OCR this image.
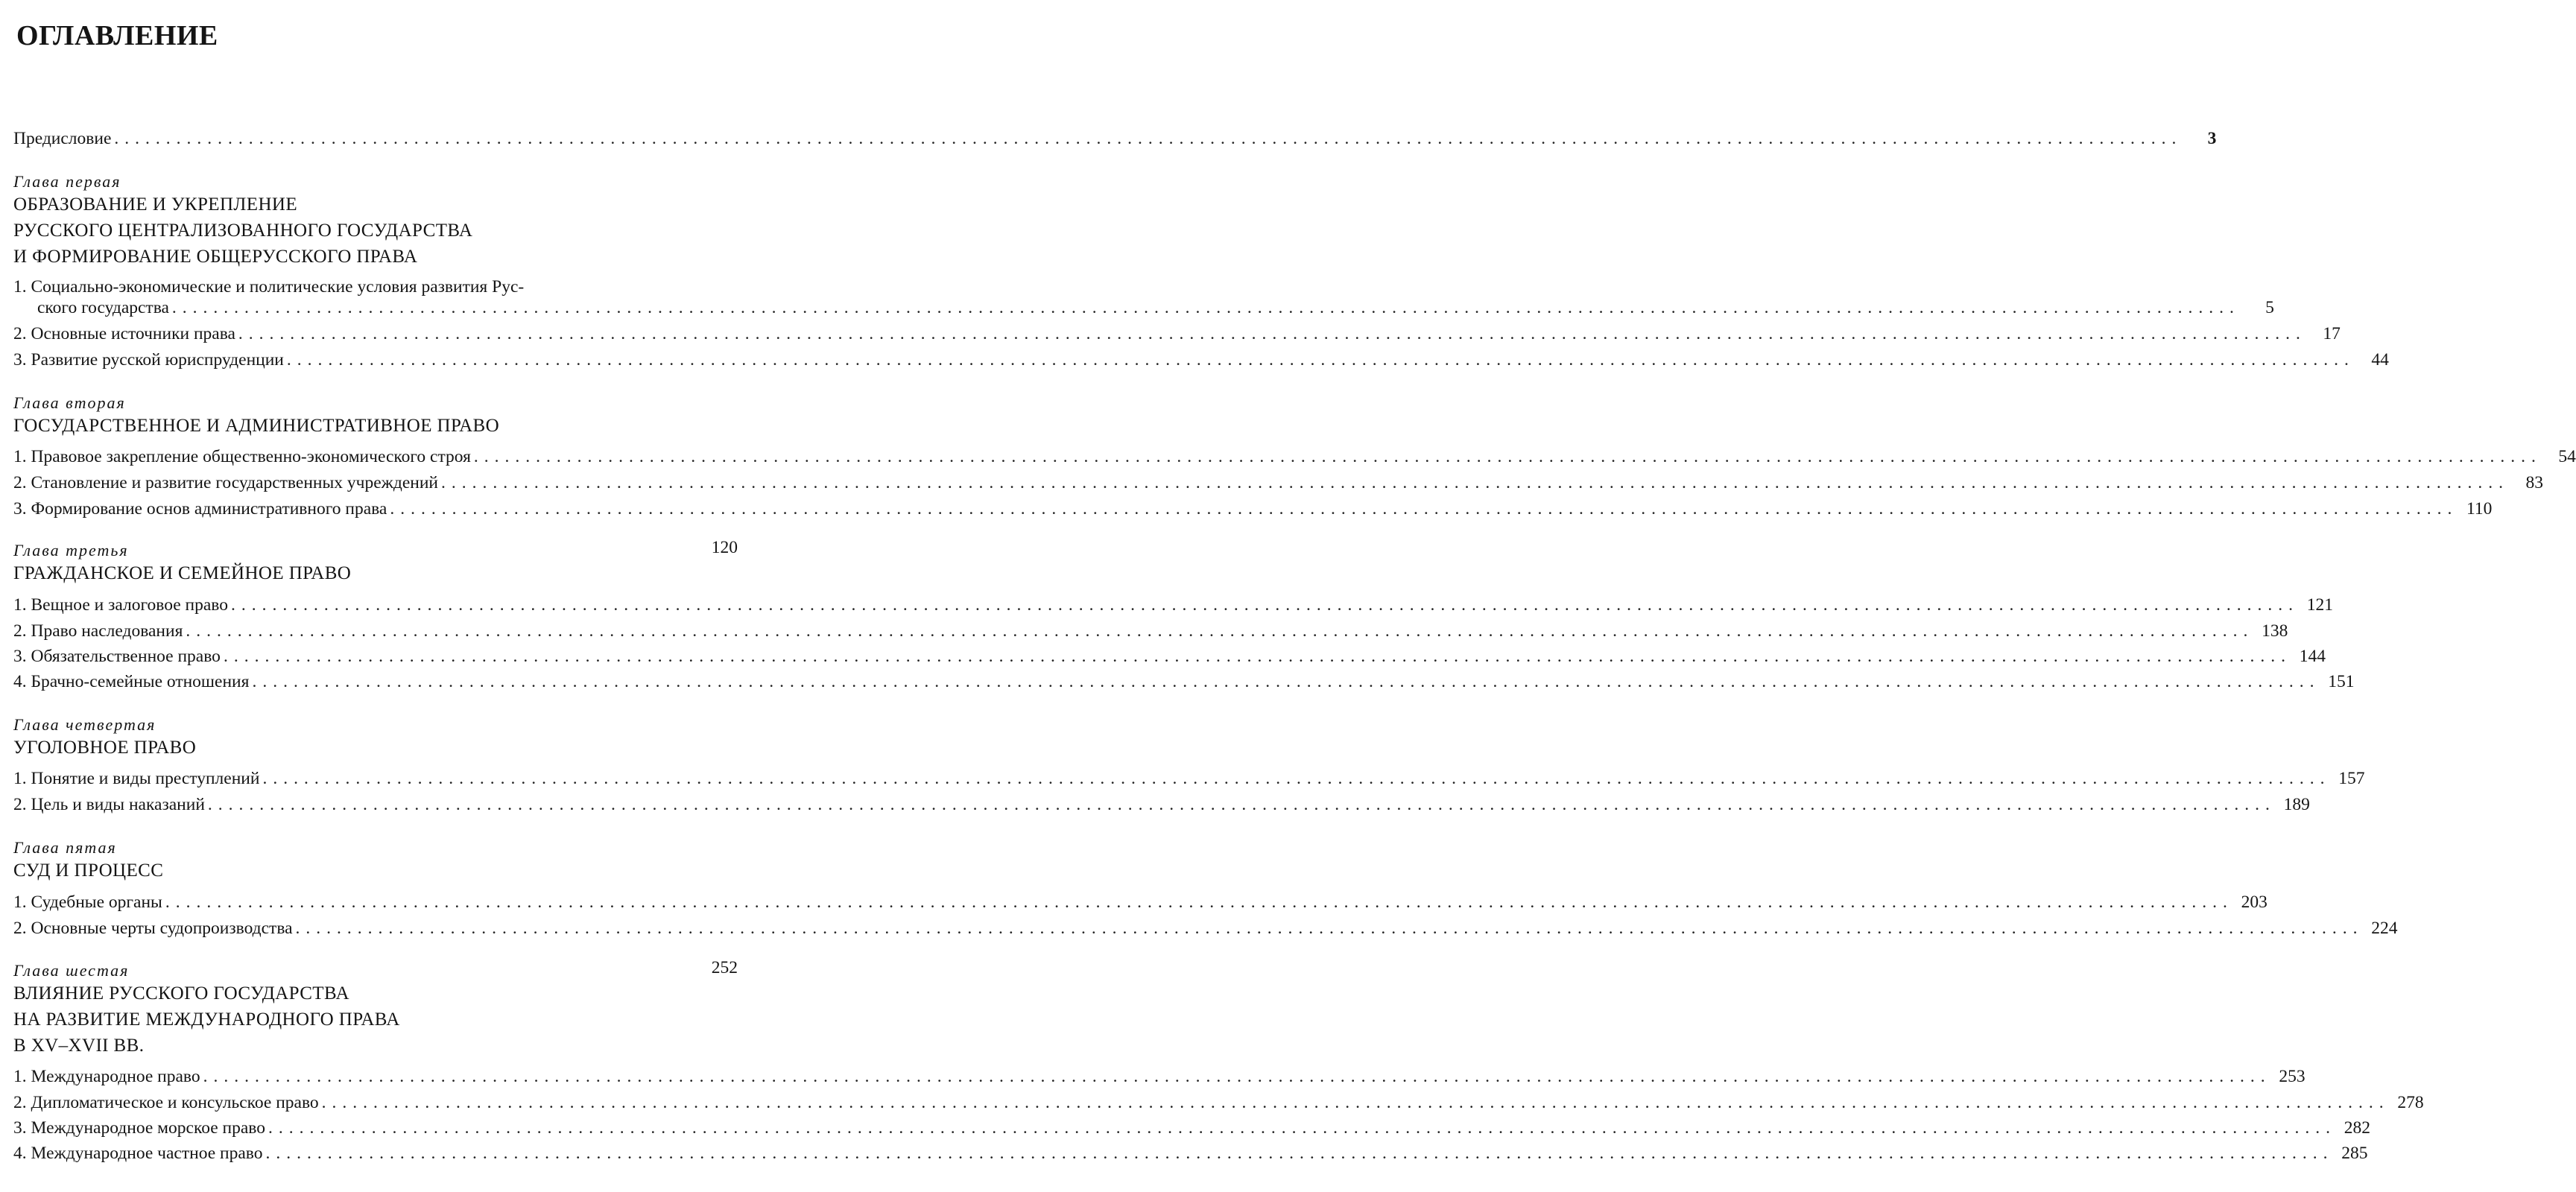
ОГЛАВЛЕНИЕ
Предисловие ........................................................................................................................................................................................................	3
Глава первая
ОБРАЗОВАНИЕ И УКРЕПЛЕНИЕ
РУССКОГО ЦЕНТРАЛИЗОВАННОГО ГОСУДАРСТВА
И ФОРМИРОВАНИЕ ОБЩЕРУССКОГО ПРАВА
1. Социально-экономические и политические условия развития Рус-
ского государства ........................................................................................................................................................................................................	5
2. Основные источники права ........................................................................................................................................................................................................ 17
3. Развитие русской юриспруденции ........................................................................................................................................................................................................ 44
Глава вторая
ГОСУДАРСТВЕННОЕ И АДМИНИСТРАТИВНОЕ ПРАВО
1. Правовое закрепление общественно-экономического строя ........................................................................................................................................................................................................ 54
2. Становление и развитие государственных учреждений ........................................................................................................................................................................................................ 83
3. Формирование основ административного права ........................................................................................................................................................................................................ 110
Глава третья	120
ГРАЖДАНСКОЕ И СЕМЕЙНОЕ ПРАВО
1. Вещное и залоговое право ........................................................................................................................................................................................................ 121
2. Право наследования ........................................................................................................................................................................................................ 138
3. Обязательственное право ........................................................................................................................................................................................................ 144
4. Брачно-семейные отношения ........................................................................................................................................................................................................ 151
Глава четвертая
УГОЛОВНОЕ ПРАВО
1. Понятие и виды преступлений ........................................................................................................................................................................................................ 157
2. Цель и виды наказаний ........................................................................................................................................................................................................ 189
Глава пятая
СУД И ПРОЦЕСС
1. Судебные органы ........................................................................................................................................................................................................ 203
2. Основные черты судопроизводства ........................................................................................................................................................................................................ 224
Глава шестая	252
ВЛИЯНИЕ РУССКОГО ГОСУДАРСТВА
НА РАЗВИТИЕ МЕЖДУНАРОДНОГО ПРАВА
В XV–XVII ВВ.
1. Международное право ........................................................................................................................................................................................................ 253
2. Дипломатическое и консульское право ........................................................................................................................................................................................................ 278
3. Международное морское право ........................................................................................................................................................................................................ 282
4. Международное частное право ........................................................................................................................................................................................................ 285
